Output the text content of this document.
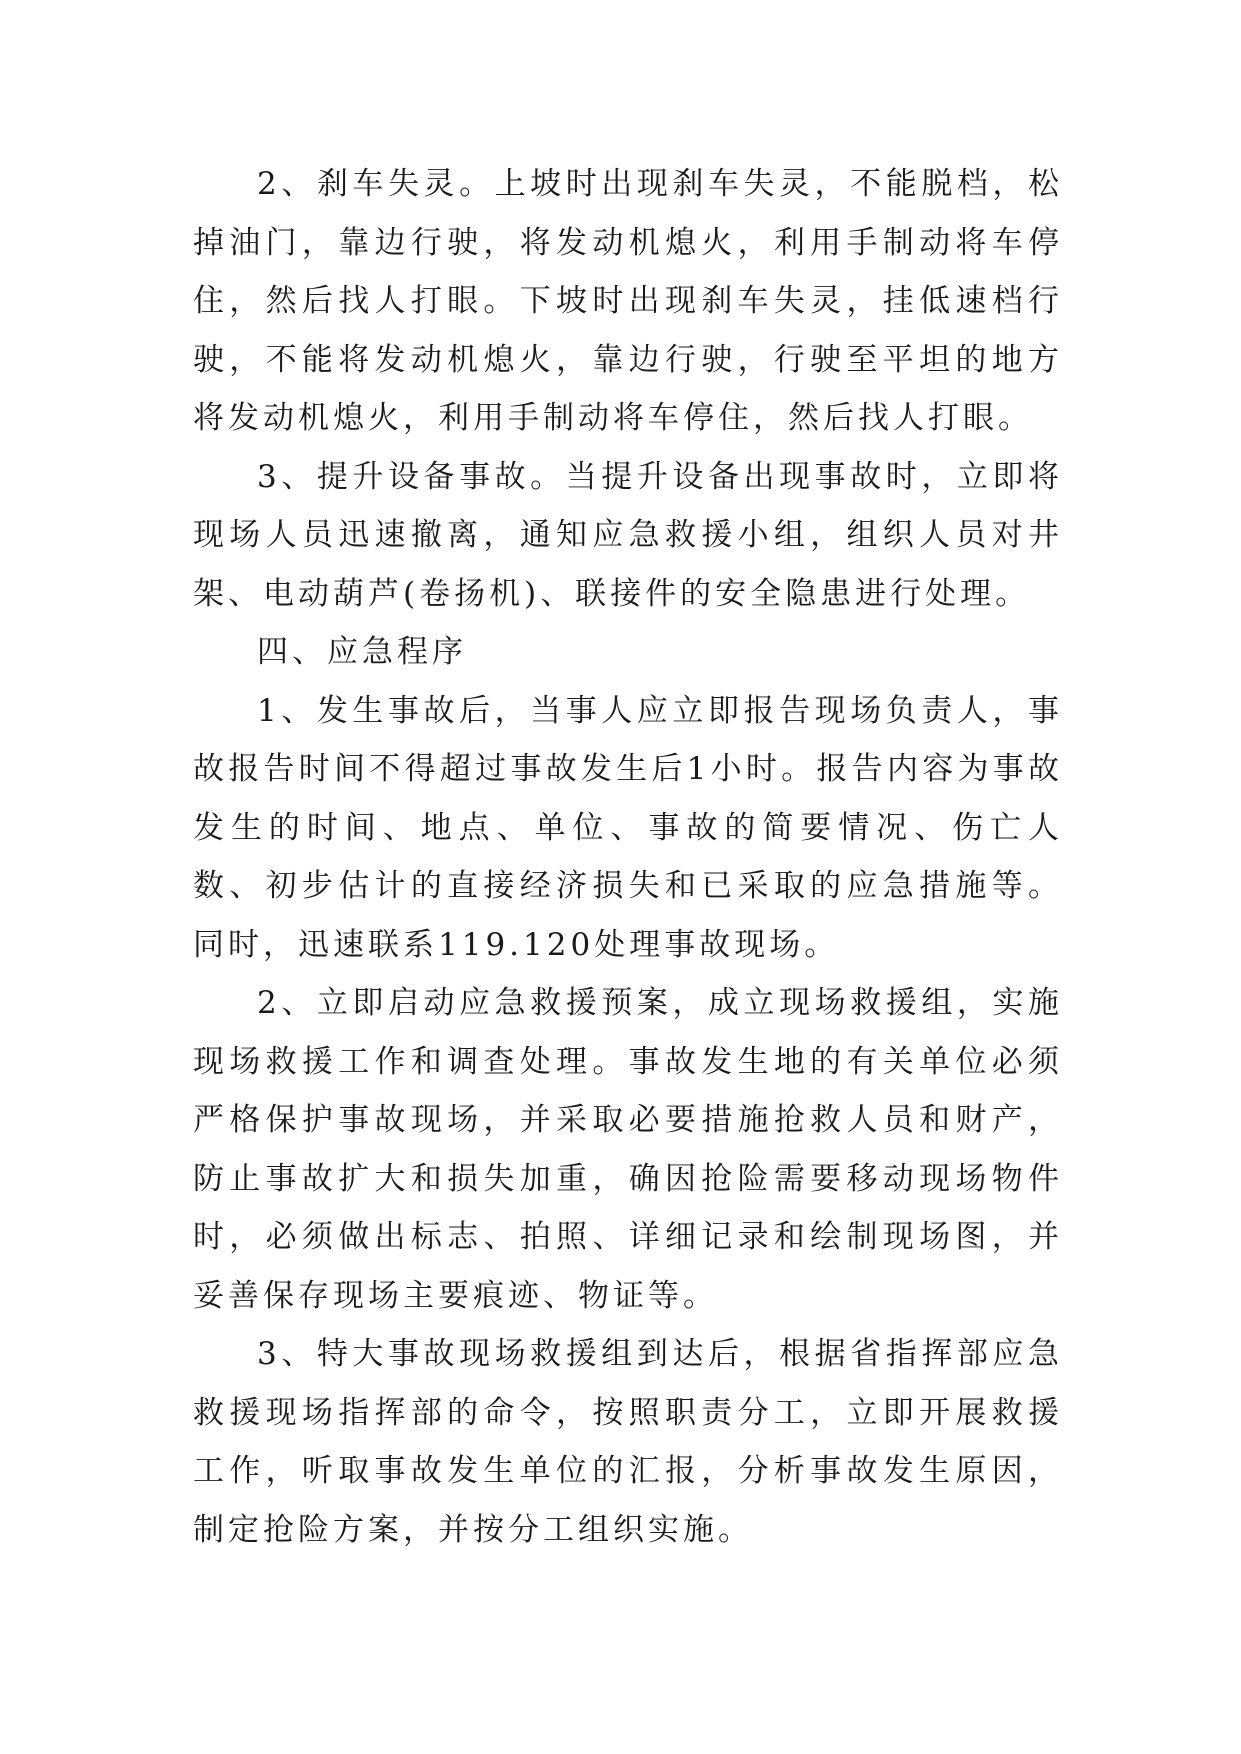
2、刹车失灵。上坡时出现刹车失灵，不能脱档，松掉油门，靠边行驶，将发动机熄火，利用手制动将车停住，然后找人打眼。下坡时出现刹车失灵，挂低速档行驶，不能将发动机熄火，靠边行驶，行驶至平坦的地方将发动机熄火，利用手制动将车停住，然后找人打眼。

3、提升设备事故。当提升设备出现事故时，立即将现场人员迅速撤离，通知应急救援小组，组织人员对井架、电动葫芦(卷扬机)、联接件的安全隐患进行处理。

四、应急程序

1、发生事故后，当事人应立即报告现场负责人，事故报告时间不得超过事故发生后1小时。报告内容为事故发生的时间、地点、单位、事故的简要情况、伤亡人数、初步估计的直接经济损失和已采取的应急措施等。同时，迅速联系119.120处理事故现场。

2、立即启动应急救援预案，成立现场救援组，实施现场救援工作和调查处理。事故发生地的有关单位必须严格保护事故现场，并采取必要措施抢救人员和财产，防止事故扩大和损失加重，确因抢险需要移动现场物件时，必须做出标志、拍照、详细记录和绘制现场图，并妥善保存现场主要痕迹、物证等。

3、特大事故现场救援组到达后，根据省指挥部应急救援现场指挥部的命令，按照职责分工，立即开展救援工作，听取事故发生单位的汇报，分析事故发生原因，制定抢险方案，并按分工组织实施。
